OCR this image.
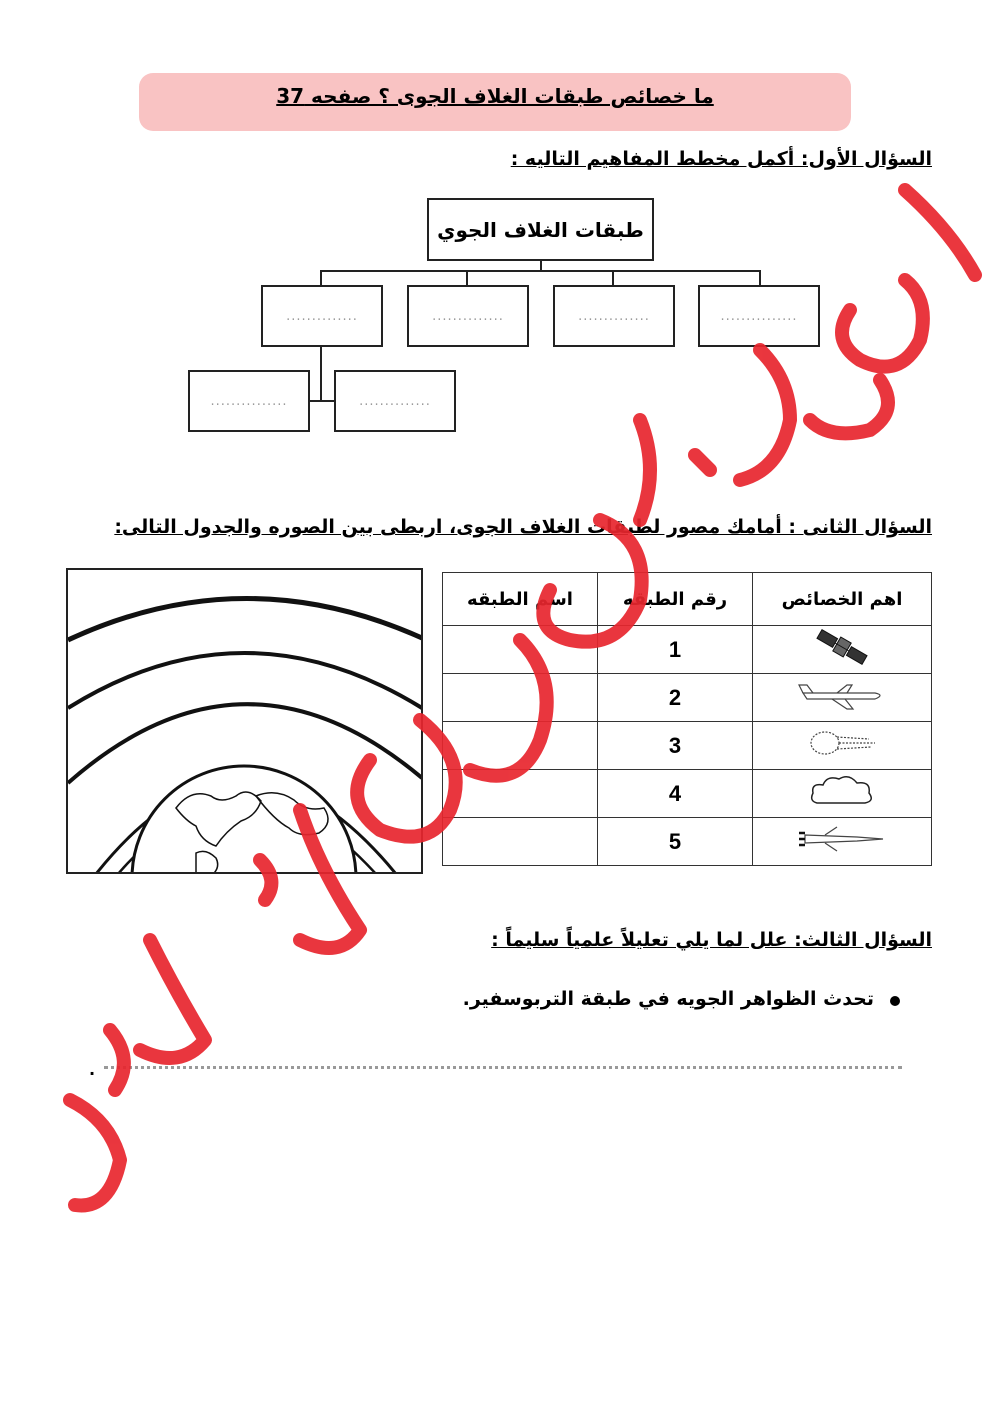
ما خصائص طبقات الغلاف الجوى ؟ صفحه 37
السؤال الأول: أكمل مخطط المفاهيم التاليه :
طبقات الغلاف الجوي
..............	..............	..............	...............
...............	..............
السؤال الثانى : أمامك مصور لطبقات الغلاف الجوى، اربطى بين الصوره والجدول التالى:
اهم الخصائص	رقم الطبقه	اسم الطبقه
	1	
	2	
	3	
	4	
	5	
السؤال الثالث: علل لما يلي تعليلاً علمياً سليماً :
تحدث الظواهر الجويه في طبقة التربوسفير.
.
